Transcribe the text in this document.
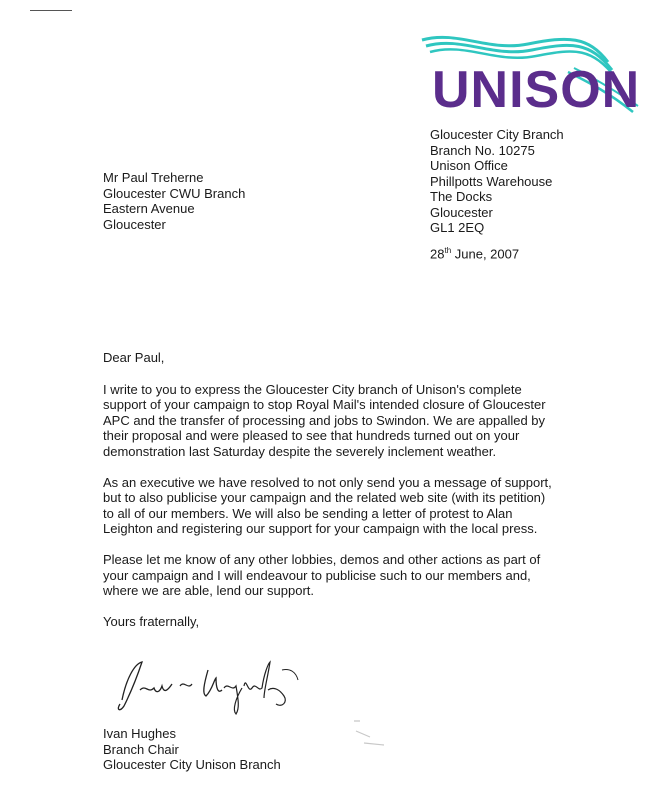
UNISON
Gloucester City Branch
Branch No. 10275
Unison Office
Phillpotts Warehouse
The Docks
Gloucester
GL1 2EQ
Mr Paul Treherne
Gloucester CWU Branch
Eastern Avenue
Gloucester
28th June, 2007
Dear Paul,
I write to you to express the Gloucester City branch of Unison's complete
support of your campaign to stop Royal Mail's intended closure of Gloucester
APC and the transfer of processing and jobs to Swindon. We are appalled by
their proposal and were pleased to see that hundreds turned out on your
demonstration last Saturday despite the severely inclement weather.
As an executive we have resolved to not only send you a message of support,
but to also publicise your campaign and the related web site (with its petition)
to all of our members. We will also be sending a letter of protest to Alan
Leighton and registering our support for your campaign with the local press.
Please let me know of any other lobbies, demos and other actions as part of
your campaign and I will endeavour to publicise such to our members and,
where we are able, lend our support.
Yours fraternally,
Ivan Hughes
Branch Chair
Gloucester City Unison Branch
